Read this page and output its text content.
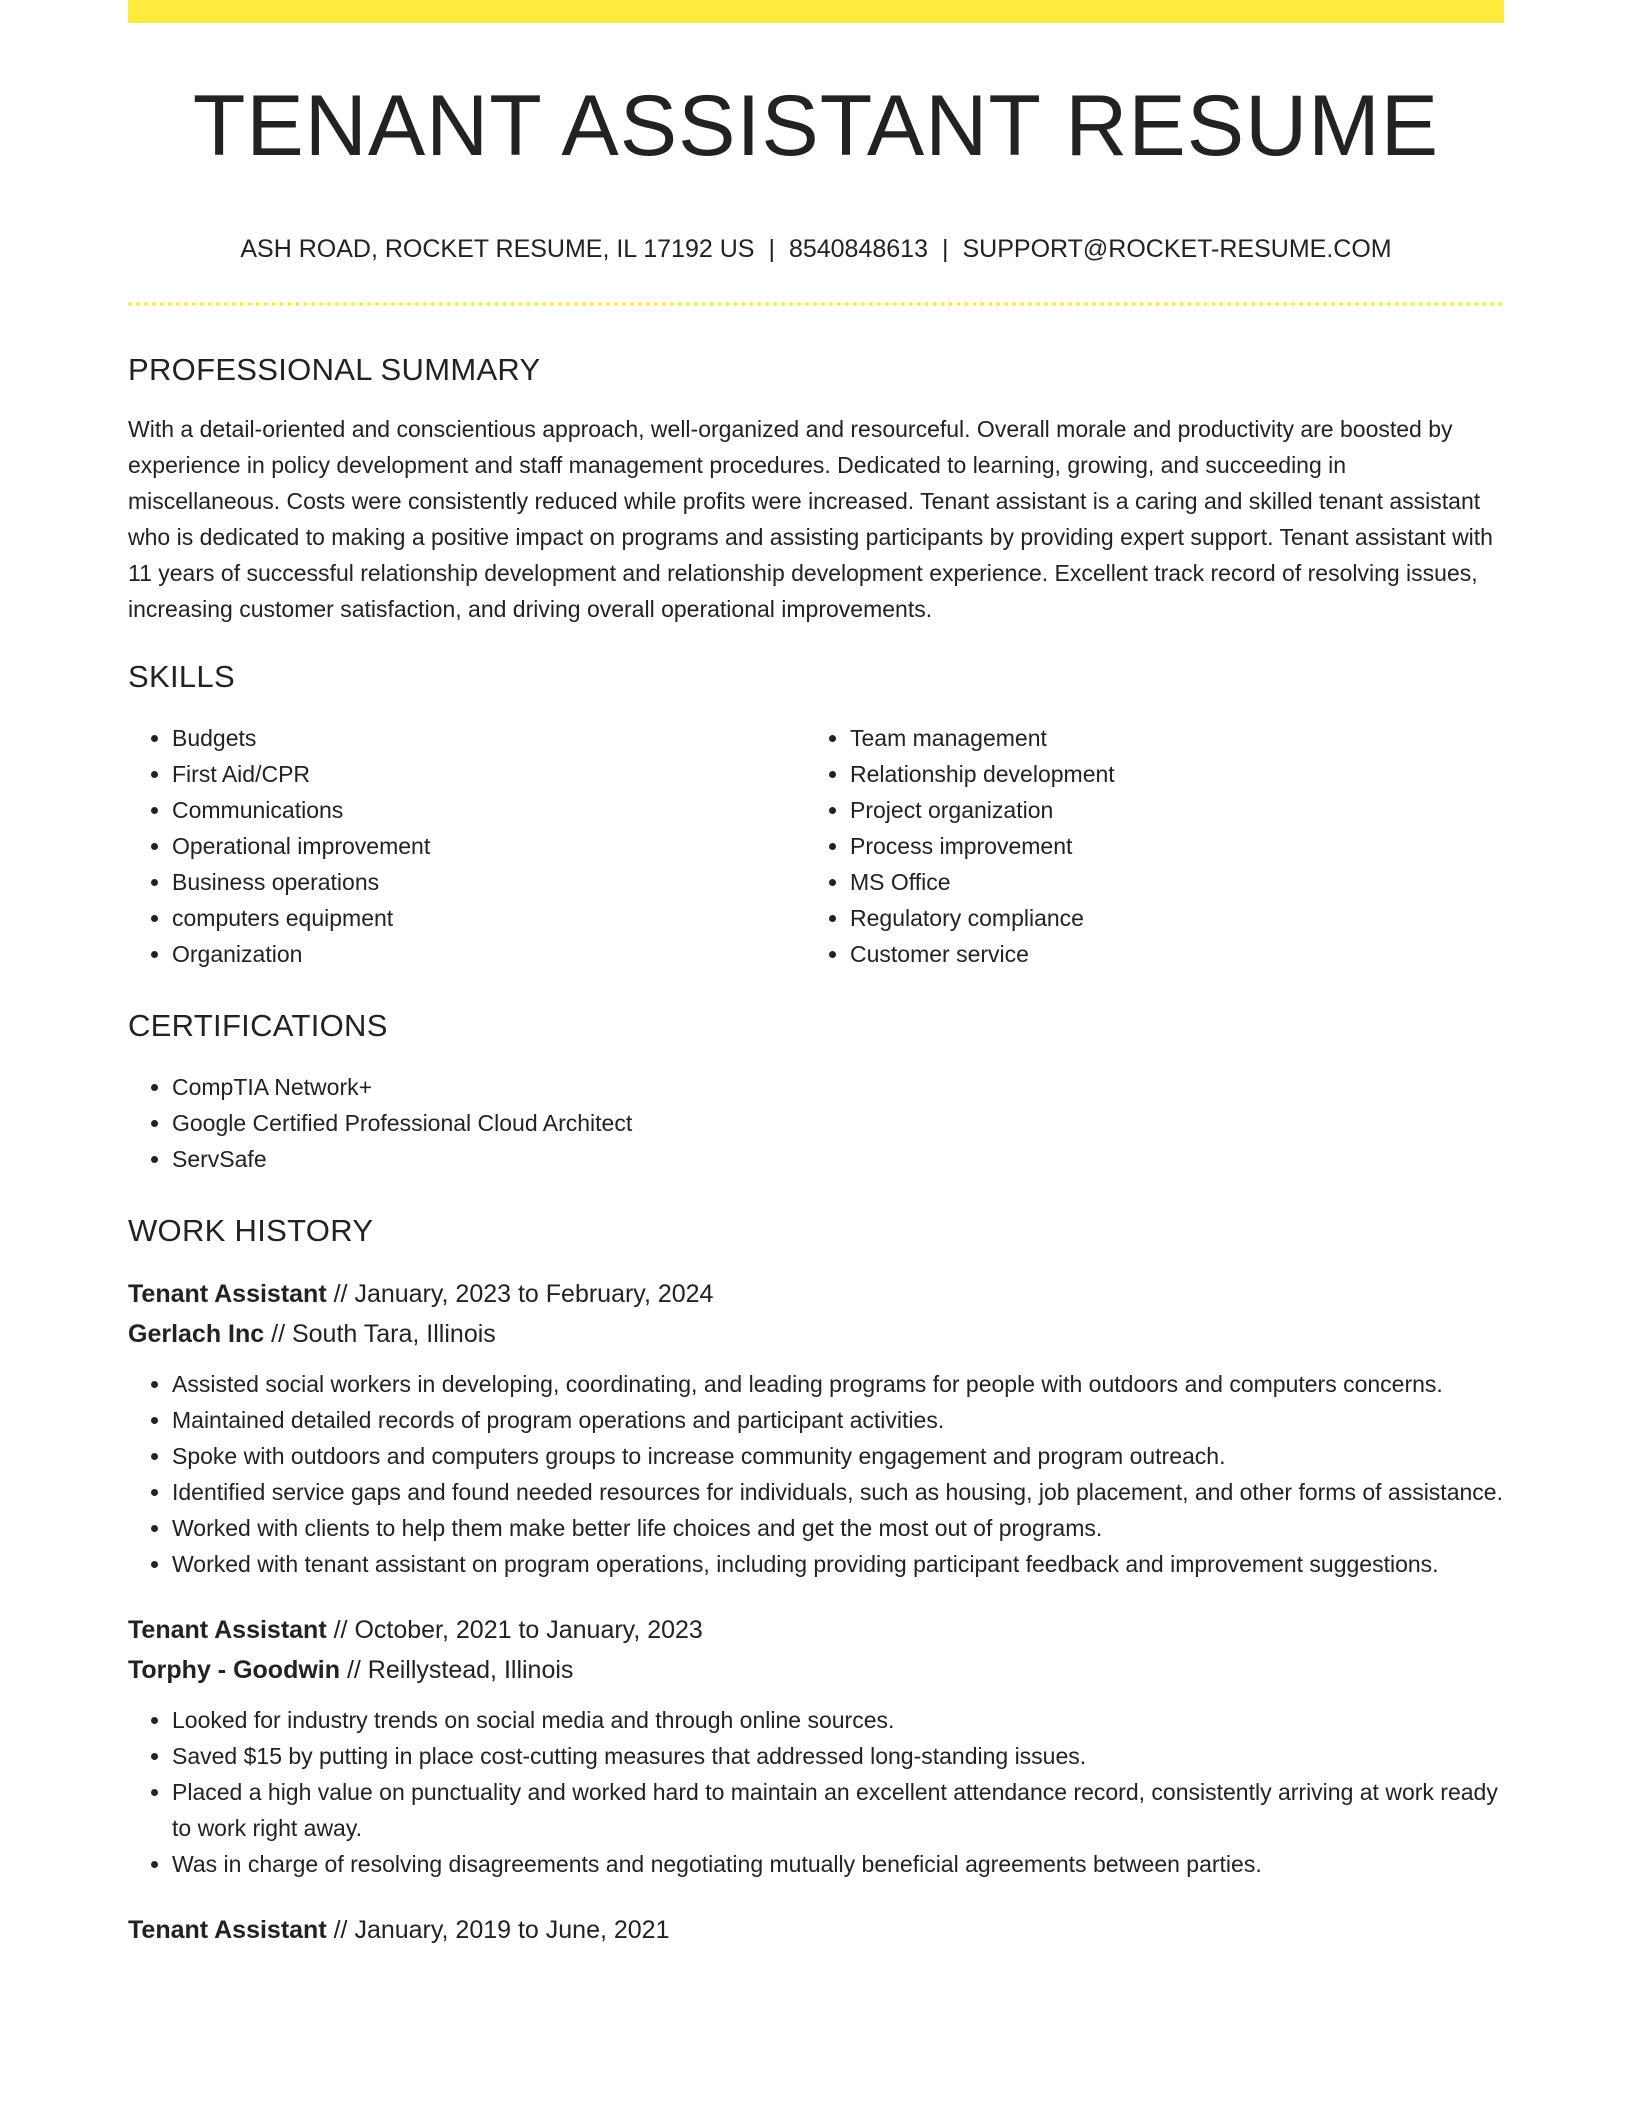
TENANT ASSISTANT RESUME
ASH ROAD, ROCKET RESUME, IL 17192 US | 8540848613 | SUPPORT@ROCKET-RESUME.COM
PROFESSIONAL SUMMARY

With a detail-oriented and conscientious approach, well-organized and resourceful. Overall morale and productivity are boosted by experience in policy development and staff management procedures. Dedicated to learning, growing, and succeeding in miscellaneous. Costs were consistently reduced while profits were increased. Tenant assistant is a caring and skilled tenant assistant who is dedicated to making a positive impact on programs and assisting participants by providing expert support. Tenant assistant with 11 years of successful relationship development and relationship development experience. Excellent track record of resolving issues, increasing customer satisfaction, and driving overall operational improvements.

SKILLS
• Budgets
• First Aid/CPR
• Communications
• Operational improvement
• Business operations
• computers equipment
• Organization
• Team management
• Relationship development
• Project organization
• Process improvement
• MS Office
• Regulatory compliance
• Customer service
CERTIFICATIONS
• CompTIA Network+
• Google Certified Professional Cloud Architect
• ServSafe
WORK HISTORY
Tenant Assistant // January, 2023 to February, 2024
Gerlach Inc // South Tara, Illinois
• Assisted social workers in developing, coordinating, and leading programs for people with outdoors and computers concerns.
• Maintained detailed records of program operations and participant activities.
• Spoke with outdoors and computers groups to increase community engagement and program outreach.
• Identified service gaps and found needed resources for individuals, such as housing, job placement, and other forms of assistance.
• Worked with clients to help them make better life choices and get the most out of programs.
• Worked with tenant assistant on program operations, including providing participant feedback and improvement suggestions.
Tenant Assistant // October, 2021 to January, 2023
Torphy - Goodwin // Reillystead, Illinois
• Looked for industry trends on social media and through online sources.
• Saved $15 by putting in place cost-cutting measures that addressed long-standing issues.
• Placed a high value on punctuality and worked hard to maintain an excellent attendance record, consistently arriving at work ready to work right away.
• Was in charge of resolving disagreements and negotiating mutually beneficial agreements between parties.
Tenant Assistant // January, 2019 to June, 2021
